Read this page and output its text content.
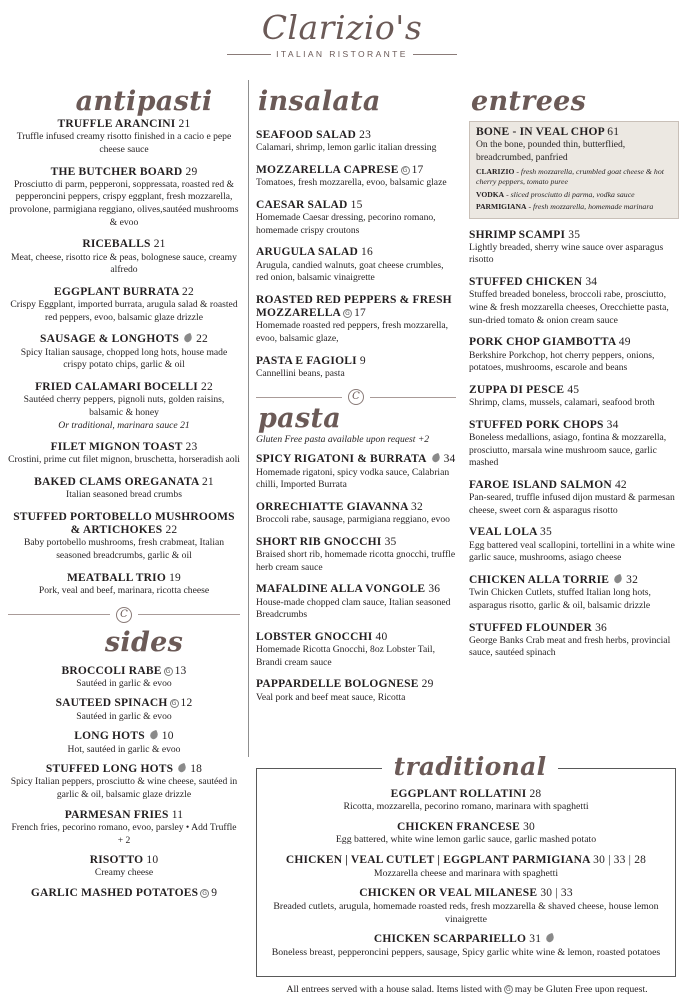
Clarizio's
ITALIAN RISTORANTE
antipasti
TRUFFLE ARANCINI 21
Truffle infused creamy risotto finished in a cacio e pepe cheese sauce
THE BUTCHER BOARD 29
Prosciutto di parm, pepperoni, soppressata, roasted red & pepperoncini peppers, crispy eggplant, fresh mozzarella, provolone, parmigiana reggiano, olives,sautéed mushrooms & evoo
RICEBALLS 21
Meat, cheese, risotto rice & peas, bolognese sauce, creamy alfredo
EGGPLANT BURRATA 22
Crispy Eggplant, imported burrata, arugula salad & roasted red peppers, evoo, balsamic glaze drizzle
SAUSAGE & LONGHOTS 22
Spicy Italian sausage, chopped long hots, house made crispy potato chips, garlic & oil
FRIED CALAMARI BOCELLI 22
Sautéed cherry peppers, pignoli nuts, golden raisins, balsamic & honey
Or traditional, marinara sauce 21
FILET MIGNON TOAST 23
Crostini, prime cut filet mignon, bruschetta, horseradish aoli
BAKED CLAMS OREGANATA 21
Italian seasoned bread crumbs
STUFFED PORTOBELLO MUSHROOMS & ARTICHOKES 22
Baby portobello mushrooms, fresh crabmeat, Italian seasoned breadcrumbs, garlic & oil
MEATBALL TRIO 19
Pork, veal and beef, marinara, ricotta cheese
C
sides
BROCCOLI RABE G 13
Sautéed in garlic & evoo
SAUTEED SPINACH G 12
Sautéed in garlic & evoo
LONG HOTS 10
Hot, sautéed in garlic & evoo
STUFFED LONG HOTS 18
Spicy Italian peppers, prosciutto & wine cheese, sautéed in garlic & oil, balsamic glaze drizzle
PARMESAN FRIES 11
French fries, pecorino romano, evoo, parsley • Add Truffle + 2
RISOTTO 10
Creamy cheese
GARLIC MASHED POTATOES G 9
insalata
SEAFOOD SALAD 23
Calamari, shrimp, lemon garlic italian dressing
MOZZARELLA CAPRESE G 17
Tomatoes, fresh mozzarella, evoo, balsamic glaze
CAESAR SALAD 15
Homemade Caesar dressing, pecorino romano, homemade crispy croutons
ARUGULA SALAD 16
Arugula, candied walnuts, goat cheese crumbles, red onion, balsamic vinaigrette
ROASTED RED PEPPERS & FRESH MOZZARELLA G 17
Homemade roasted red peppers, fresh mozzarella, evoo, balsamic glaze,
PASTA E FAGIOLI 9
Cannellini beans, pasta
C
pasta
Gluten Free pasta available upon request +2
SPICY RIGATONI & BURRATA 34
Homemade rigatoni, spicy vodka sauce, Calabrian chilli, Imported Burrata
ORRECHIATTE GIAVANNA 32
Broccoli rabe, sausage, parmigiana reggiano, evoo
SHORT RIB GNOCCHI 35
Braised short rib, homemade ricotta gnocchi, truffle herb cream sauce
MAFALDINE ALLA VONGOLE 36
House-made chopped clam sauce, Italian seasoned Breadcrumbs
LOBSTER GNOCCHI 40
Homemade Ricotta Gnocchi, 8oz Lobster Tail, Brandi cream sauce
PAPPARDELLE BOLOGNESE 29
Veal pork and beef meat sauce, Ricotta
entrees
BONE - IN VEAL CHOP 61
On the bone, pounded thin, butterflied, breadcrumbed, panfried
CLARIZIO - fresh mozzarella, crumbled goat cheese & hot cherry peppers, tomato puree
VODKA - sliced prosciutto di parma, vodka sauce
PARMIGIANA - fresh mozzarella, homemade marinara
SHRIMP SCAMPI 35
Lightly breaded, sherry wine sauce over asparagus risotto
STUFFED CHICKEN 34
Stuffed breaded boneless, broccoli rabe, prosciutto, wine & fresh mozzarella cheeses, Orecchiette pasta, sun-dried tomato & onion cream sauce
PORK CHOP GIAMBOTTA 49
Berkshire Porkchop, hot cherry peppers, onions, potatoes, mushrooms, escarole and beans
ZUPPA DI PESCE 45
Shrimp, clams, mussels, calamari, seafood broth
STUFFED PORK CHOPS 34
Boneless medallions, asiago, fontina & mozzarella, prosciutto, marsala wine mushroom sauce, garlic mashed
FAROE ISLAND SALMON 42
Pan-seared, truffle infused dijon mustard & parmesan cheese, sweet corn & asparagus risotto
VEAL LOLA 35
Egg battered veal scallopini, tortellini in a white wine garlic sauce, mushrooms, asiago cheese
CHICKEN ALLA TORRIE 32
Twin Chicken Cutlets, stuffed Italian long hots, asparagus risotto, garlic & oil, balsamic drizzle
STUFFED FLOUNDER 36
George Banks Crab meat and fresh herbs, provincial sauce, sautéed spinach
traditional
EGGPLANT ROLLATINI 28
Ricotta, mozzarella, pecorino romano, marinara with spaghetti
CHICKEN FRANCESE 30
Egg battered, white wine lemon garlic sauce, garlic mashed potato
CHICKEN | VEAL CUTLET | EGGPLANT PARMIGIANA 30 | 33 | 28
Mozzarella cheese and marinara with spaghetti
CHICKEN OR VEAL MILANESE 30 | 33
Breaded cutlets, arugula, homemade roasted reds, fresh mozzarella & shaved cheese, house lemon vinaigrette
CHICKEN SCARPARIELLO 31
Boneless breast, pepperoncini peppers, sausage, Spicy garlic white wine & lemon, roasted potatoes
All entrees served with a house salad. Items listed with G may be Gluten Free upon request.
